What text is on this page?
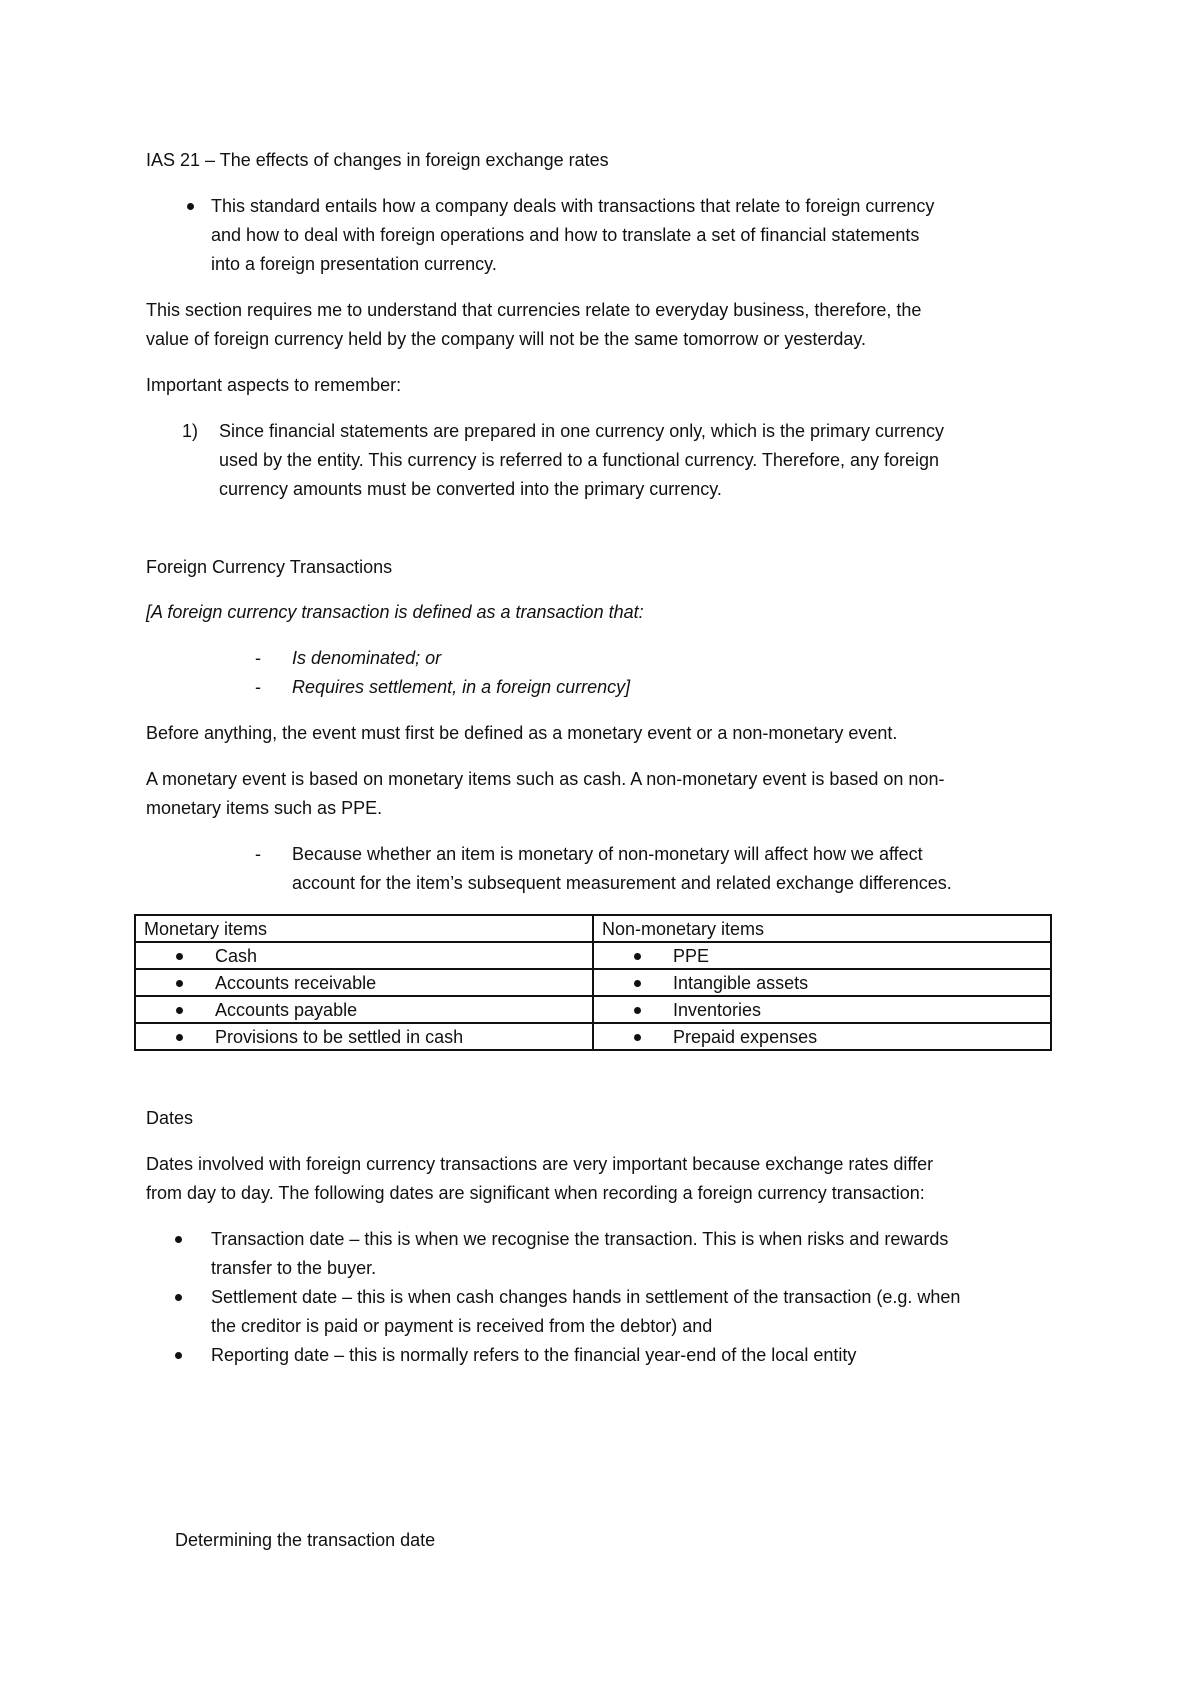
IAS 21 – The effects of changes in foreign exchange rates
This standard entails how a company deals with transactions that relate to foreign currency
and how to deal with foreign operations and how to translate a set of financial statements
into a foreign presentation currency.
This section requires me to understand that currencies relate to everyday business, therefore, the
value of foreign currency held by the company will not be the same tomorrow or yesterday.
Important aspects to remember:
1) Since financial statements are prepared in one currency only, which is the primary currency
used by the entity. This currency is referred to a functional currency. Therefore, any foreign
currency amounts must be converted into the primary currency.
Foreign Currency Transactions
[A foreign currency transaction is defined as a transaction that:
- Is denominated; or
- Requires settlement, in a foreign currency]
Before anything, the event must first be defined as a monetary event or a non-monetary event.
A monetary event is based on monetary items such as cash. A non-monetary event is based on non-
monetary items such as PPE.
- Because whether an item is monetary of non-monetary will affect how we affect
account for the item’s subsequent measurement and related exchange differences.
Monetary items	Non-monetary items
Cash	PPE
Accounts receivable	Intangible assets
Accounts payable	Inventories
Provisions to be settled in cash	Prepaid expenses
Dates
Dates involved with foreign currency transactions are very important because exchange rates differ
from day to day. The following dates are significant when recording a foreign currency transaction:
Transaction date – this is when we recognise the transaction. This is when risks and rewards
transfer to the buyer.
Settlement date – this is when cash changes hands in settlement of the transaction (e.g. when
the creditor is paid or payment is received from the debtor) and
Reporting date – this is normally refers to the financial year-end of the local entity
Determining the transaction date
